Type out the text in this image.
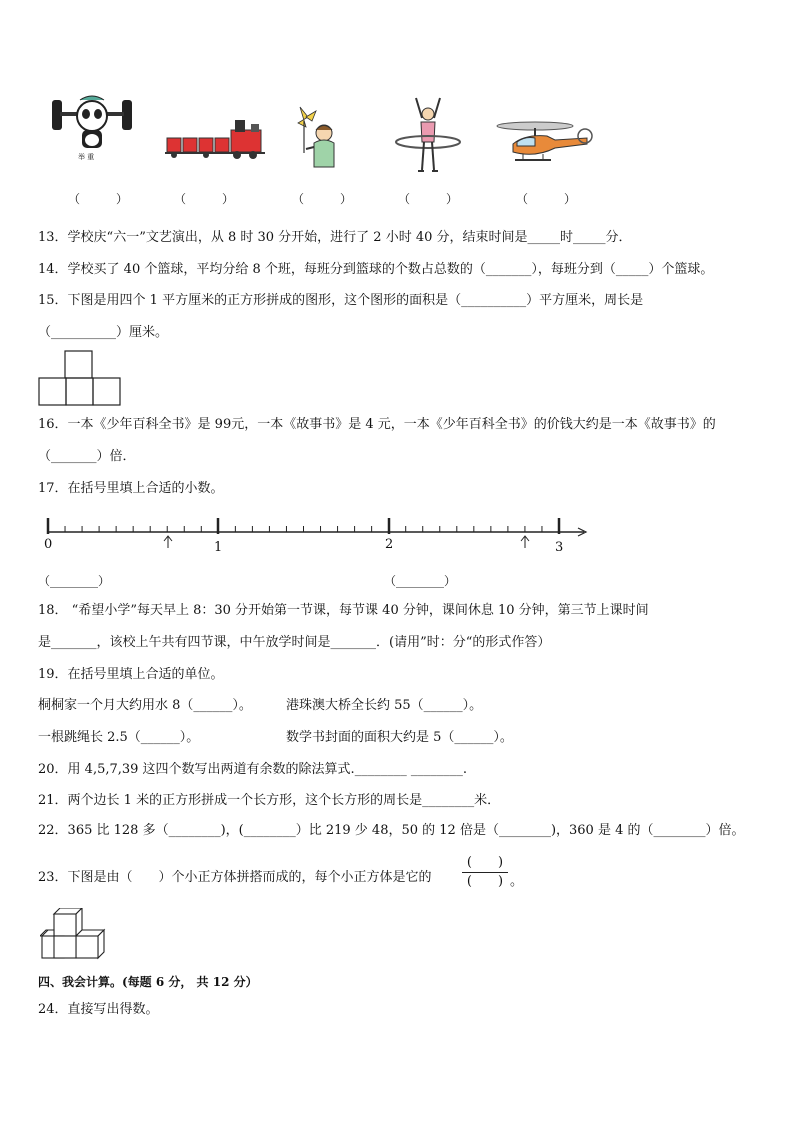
举 重
（　　　）	（　　　）	（　　　）	（　　　）	（　　　）
13．学校庆“六一”文艺演出，从 8 时 30 分开始，进行了 2 小时 40 分，结束时间是_____时_____分．
14．学校买了 40 个篮球，平均分给 8 个班，每班分到篮球的个数占总数的（_______），每班分到（_____）个篮球。
15．下图是用四个 1 平方厘米的正方形拼成的图形，这个图形的面积是（__________）平方厘米，周长是
（__________）厘米。
16．一本《少年百科全书》是 99元，一本《故事书》是 4 元，一本《少年百科全书》的价钱大约是一本《故事书》的
（_______）倍．
17．在括号里填上合适的小数。
0	1	2	3
（________）	（________）
18． “希望小学”每天早上 8：30 分开始第一节课，每节课 40 分钟，课间休息 10 分钟，第三节上课时间
是_______，该校上午共有四节课，中午放学时间是_______．(请用”时：分“的形式作答）
19．在括号里填上合适的单位。
桐桐家一个月大约用水 8（______）。	港珠澳大桥全长约 55（______）。
一根跳绳长 2.5（______）。	数学书封面的面积大约是 5（______）。
20．用 4,5,7,39 这四个数写出两道有余数的除法算式.________ ________.
21．两个边长 1 米的正方形拼成一个长方形，这个长方形的周长是________米．
22．365 比 128 多（________)，(________）比 219 少 48，50 的 12 倍是（________)，360 是 4 的（________）倍。
23．下图是由（　　）个小正方体拼搭而成的，每个小正方体是它的
(　　)
(　　) 。
四、我会计算。(每题 6 分， 共 12 分）
24．直接写出得数。
